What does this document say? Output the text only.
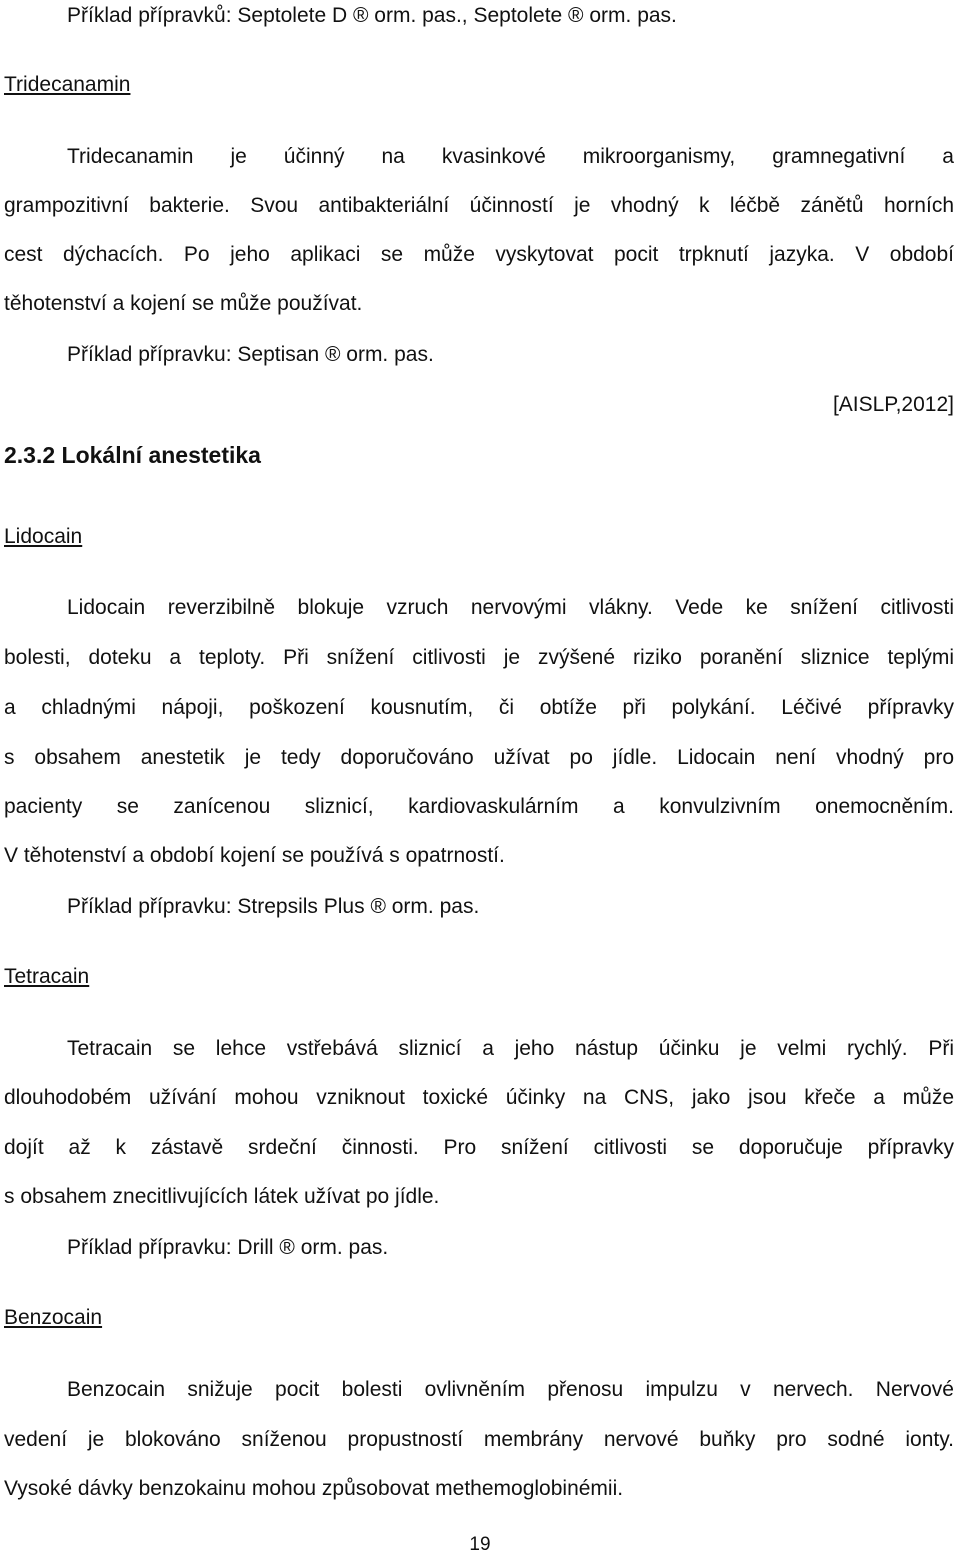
Příklad přípravků: Septolete D ® orm. pas., Septolete ® orm. pas.
Tridecanamin
Tridecanamin je účinný na kvasinkové mikroorganismy, gramnegativní a
grampozitivní bakterie. Svou antibakteriální účinností je vhodný k léčbě zánětů horních
cest dýchacích. Po jeho aplikaci se může vyskytovat pocit trpknutí jazyka. V období
těhotenství a kojení se může používat.
Příklad přípravku: Septisan ® orm. pas.
[AISLP,2012]
2.3.2 Lokální anestetika
Lidocain
Lidocain reverzibilně blokuje vzruch nervovými vlákny. Vede ke snížení citlivosti
bolesti, doteku a teploty. Při snížení citlivosti je zvýšené riziko poranění sliznice teplými
a chladnými nápoji, poškození kousnutím, či obtíže při polykání. Léčivé přípravky
s obsahem anestetik je tedy doporučováno užívat po jídle. Lidocain není vhodný pro
pacienty se zanícenou sliznicí, kardiovaskulárním a konvulzivním onemocněním.
V těhotenství a období kojení se používá s opatrností.
Příklad přípravku: Strepsils Plus ® orm. pas.
Tetracain
Tetracain se lehce vstřebává sliznicí a jeho nástup účinku je velmi rychlý. Při
dlouhodobém užívání mohou vzniknout toxické účinky na CNS, jako jsou křeče a může
dojít až k zástavě srdeční činnosti. Pro snížení citlivosti se doporučuje přípravky
s obsahem znecitlivujících látek užívat po jídle.
Příklad přípravku: Drill ® orm. pas.
Benzocain
Benzocain snižuje pocit bolesti ovlivněním přenosu impulzu v nervech. Nervové
vedení je blokováno sníženou propustností membrány nervové buňky pro sodné ionty.
Vysoké dávky benzokainu mohou způsobovat methemoglobinémii.
19
